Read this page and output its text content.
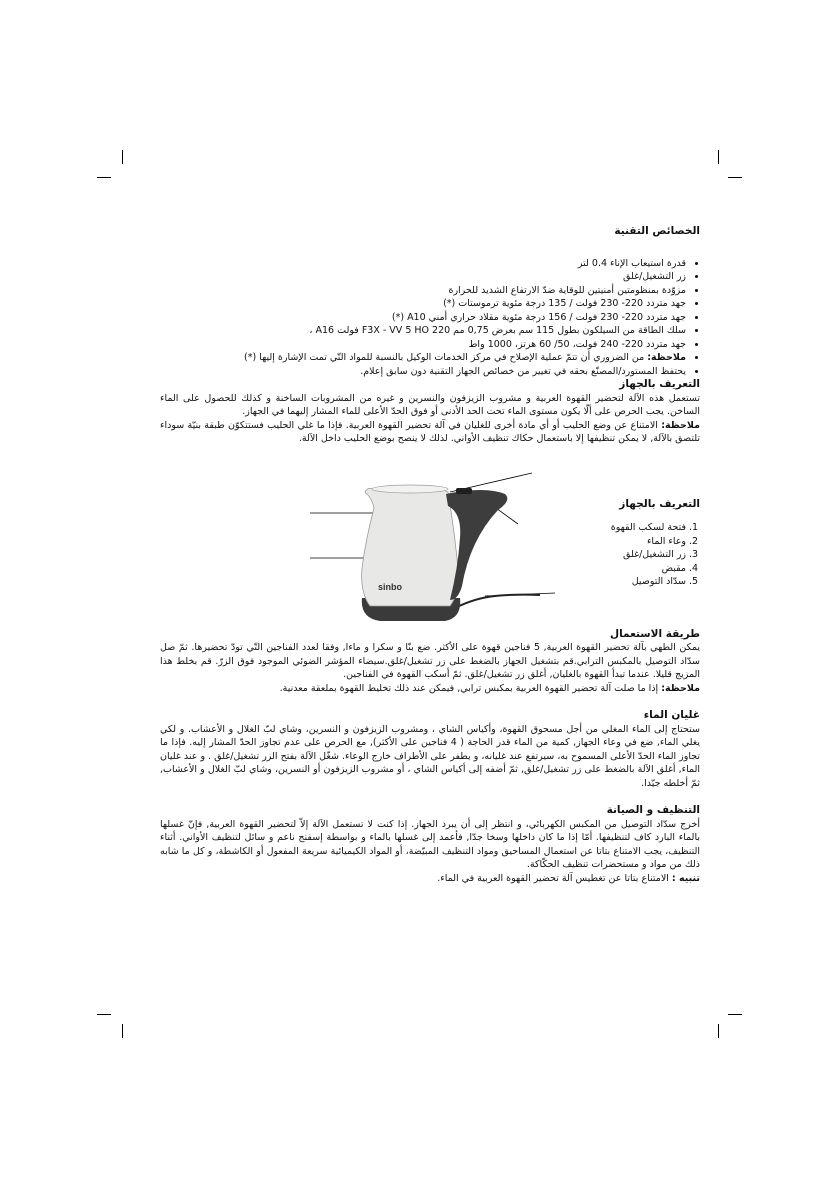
الخصائص التقنية
• قدرة استيعاب الإناء 0.4 لتر
• زر التشغيل/غلق
• مزوّدة بمنظومتين أمنيتين للوقاية ضدّ الارتفاع الشديد للحرارة
• جهد متردد 220- 230 فولت / 135 درجة مئوية ترموستات (*)
• جهد متردد 220- 230 فولت / 156 درجة مئوية مقلاد حراري أمني A10 (*)
• سلك الطاقة من السيلكون بطول 115 سم بعرض 0,75 مم F3X - VV 5 HO 220 فولت A16 ،
• جهد متردد 220- 240 فولت، 50/ 60 هرتز، 1000 واط
• ملاحظة: من الضروري أن تتمّ عملية الإصلاح في مركز الخدمات الوكيل بالنسبة للمواد التّي تمت الإشارة إليها (*)
• يحتفظ المستورد/المصنّع بحقه في تغيير من خصائص الجهاز التقنية دون سابق إعلام.
التعريف بالجهاز

تستعمل هذه الآلة لتحضير القهوة العربية و مشروب الزيزفون والنسرين و غيره من المشروبات الساخنة و كذلك للحصول على الماء الساخن. يجب الحرص على ألّا يكون مستوى الماء تحت الحد الأدنى أو فوق الحدّ الأعلى للماء المشار إليهما في الجهاز.

ملاحظة: الامتناع عن وضع الحليب أو أي مادة أخرى للغليان في آلة تحضير القهوة العربية. فإذا ما غلي الحليب فستتكوّن طبقة بنيّة سوداء تلتصق بالآلة, لا يمكن تنظيفها إلا باستعمال حكاك تنظيف الأواني. لذلك لا ينصح بوضع الحليب داخل الآلة.

التعريف بالجهاز
1. فتحة لسكب القهوة
2. وعاء الماء
3. زر التشغيل/غلق
4. مقبض
5. سدّاد التوصيل
sinbo
طريقة الاستعمال

يمكن الطهي بآلة تحضير القهوة العربية, 5 فناجين قهوة على الأكثر. ضع بنّا و سكرا و ماءا, وفقا لعدد الفناجين التّي تودّ تحضيرها. ثمّ صل سدّاد التوصيل بالمكبس الترابي.قم بتشغيل الجهاز بالضغط على زر تشغيل/غلق.سيضاء المؤشر الضوئي الموجود فوق الزرّ. قم بخلط هذا المزيج قليلا. عندما تبدأ القهوة بالغليان, أغلق زر تشغيل/غلق. ثمّ أسكب القهوة في الفناجين.

ملاحظة: إذا ما صلت آلة تحضير القهوة العربية بمكبس ترابي, فيمكن عند ذلك تخليط القهوة بملعقة معدنية.

غليان الماء

ستحتاج إلى الماء المغلي من أجل مسحوق القهوة، وأكياس الشاي ، ومشروب الزيزفون و النسرين، وشاي لبّ الغلال و الأعشاب. و لكي يغلي الماء, ضع في وعاء الجهاز, كمية من الماء قدر الحاجة ( 4 فناجين على الأكثر), مع الحرص على عدم تجاوز الحدّ المشار إليه. فإذا ما تجاوز الماء الحدّ الأعلى المسموح به، سيرتفع عند غليانه، و يطفر على الأطراف خارج الوعاء. شغّل الآلة بفتح الزر تشغيل/غلق . و عند غليان الماء, أغلق الآلة بالضغط على زر تشغيل/غلق, ثمّ أضفه إلى أكياس الشاي ، أو مشروب الزيزفون أو النسرين، وشاي لبّ الغلال و الأعشاب, ثمّ أخلطه جيّدا.

التنظيف و الصيانة

أخرج سدّاد التوصيل من المكبس الكهربائي، و انتظر إلى أن يبرد الجهاز. إذا كنت لا تستعمل الآلة إلاّ لتحضير القهوة العربية, فإنّ غسلها بالماء البارد كاف لتنظيفها. أمّا إذا ما كان داخلها وسخا جدّا, فأعمد إلى غسلها بالماء و بواسطة إسفنج ناعم و سائل لتنظيف الأواني. أثناء التنظيف، يجب الامتناع بتاتا عن استعمال المساحيق ومواد التنظيف المبيّضة، أو المواد الكيميائية سريعة المفعول أو الكاشطة، و كل ما شابه ذلك من مواد و مستحضرات تنظيف الحكّاكة.

تنبيه : الامتناع بتاتا عن تغطيس آلة تحضير القهوة العربية في الماء.
